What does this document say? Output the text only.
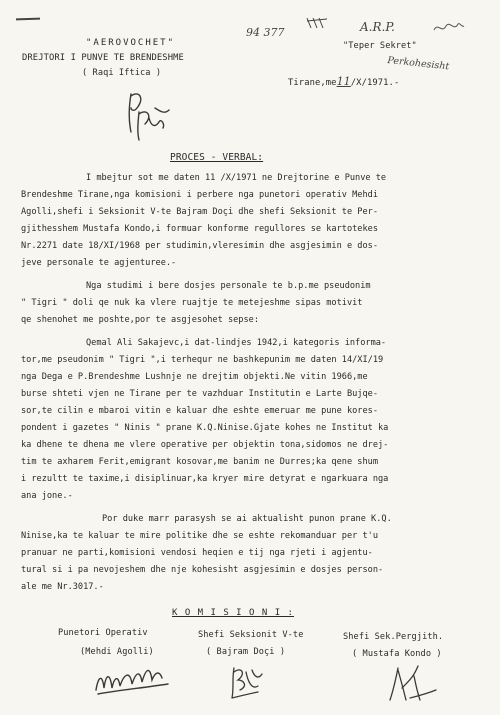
"AEROVOCHET"
DREJTORI I PUNVE TE BRENDESHME
( Raqi Iftica )
94 377	A.R.P.
"Teper Sekret"
Perkohesisht
Tirane,me11/X/1971.-
PROCES - VERBAL:
I mbejtur sot me daten 11 /X/1971 ne Drejtorine e Punve te
Brendeshme Tirane,nga komisioni i perbere nga punetori operativ Mehdi
Agolli,shefi i Seksionit V-te Bajram Doçi dhe shefi Seksionit te Per-
gjithesshem Mustafa Kondo,i formuar konforme regullores se kartotekes
Nr.2271 date 18/XI/1968 per studimin,vleresimin dhe asgjesimin e dos-
jeve personale te agjenturee.-
Nga studimi i bere dosjes personale te b.p.me pseudonim
" Tigri " doli qe nuk ka vlere ruajtje te metejeshme sipas motivit
qe shenohet me poshte,por te asgjesohet sepse:
Qemal Ali Sakajevc,i dat-lindjes 1942,i kategoris informa-
tor,me pseudonim " Tigri ",i terhequr ne bashkepunim me daten 14/XI/19
nga Dega e P.Brendeshme Lushnje ne drejtim objekti.Ne vitin 1966,me
burse shteti vjen ne Tirane per te vazhduar Institutin e Larte Bujqe-
sor,te cilin e mbaroi vitin e kaluar dhe eshte emeruar me pune kores-
pondent i gazetes " Ninis " prane K.Q.Ninise.Gjate kohes ne Institut ka
ka dhene te dhena me vlere operative per objektin tona,sidomos ne drej-
tim te axharem Ferit,emigrant kosovar,me banim ne Durres;ka qene shum
i rezultt te taxime,i disiplinuar,ka kryer mire detyrat e ngarkuara nga
ana jone.-
Por duke marr parasysh se ai aktualisht punon prane K.Q.
Ninise,ka te kaluar te mire politike dhe se eshte rekomanduar per t'u
pranuar ne parti,komisioni vendosi heqien e tij nga rjeti i agjentu-
tural si i pa nevojeshem dhe nje kohesisht asgjesimin e dosjes person-
ale me Nr.3017.-
K O M I S I O N I :
Punetori Operativ
(Mehdi Agolli)
Shefi Seksionit V-te
( Bajram Doçi )
Shefi Sek.Pergjith.
( Mustafa Kondo )
